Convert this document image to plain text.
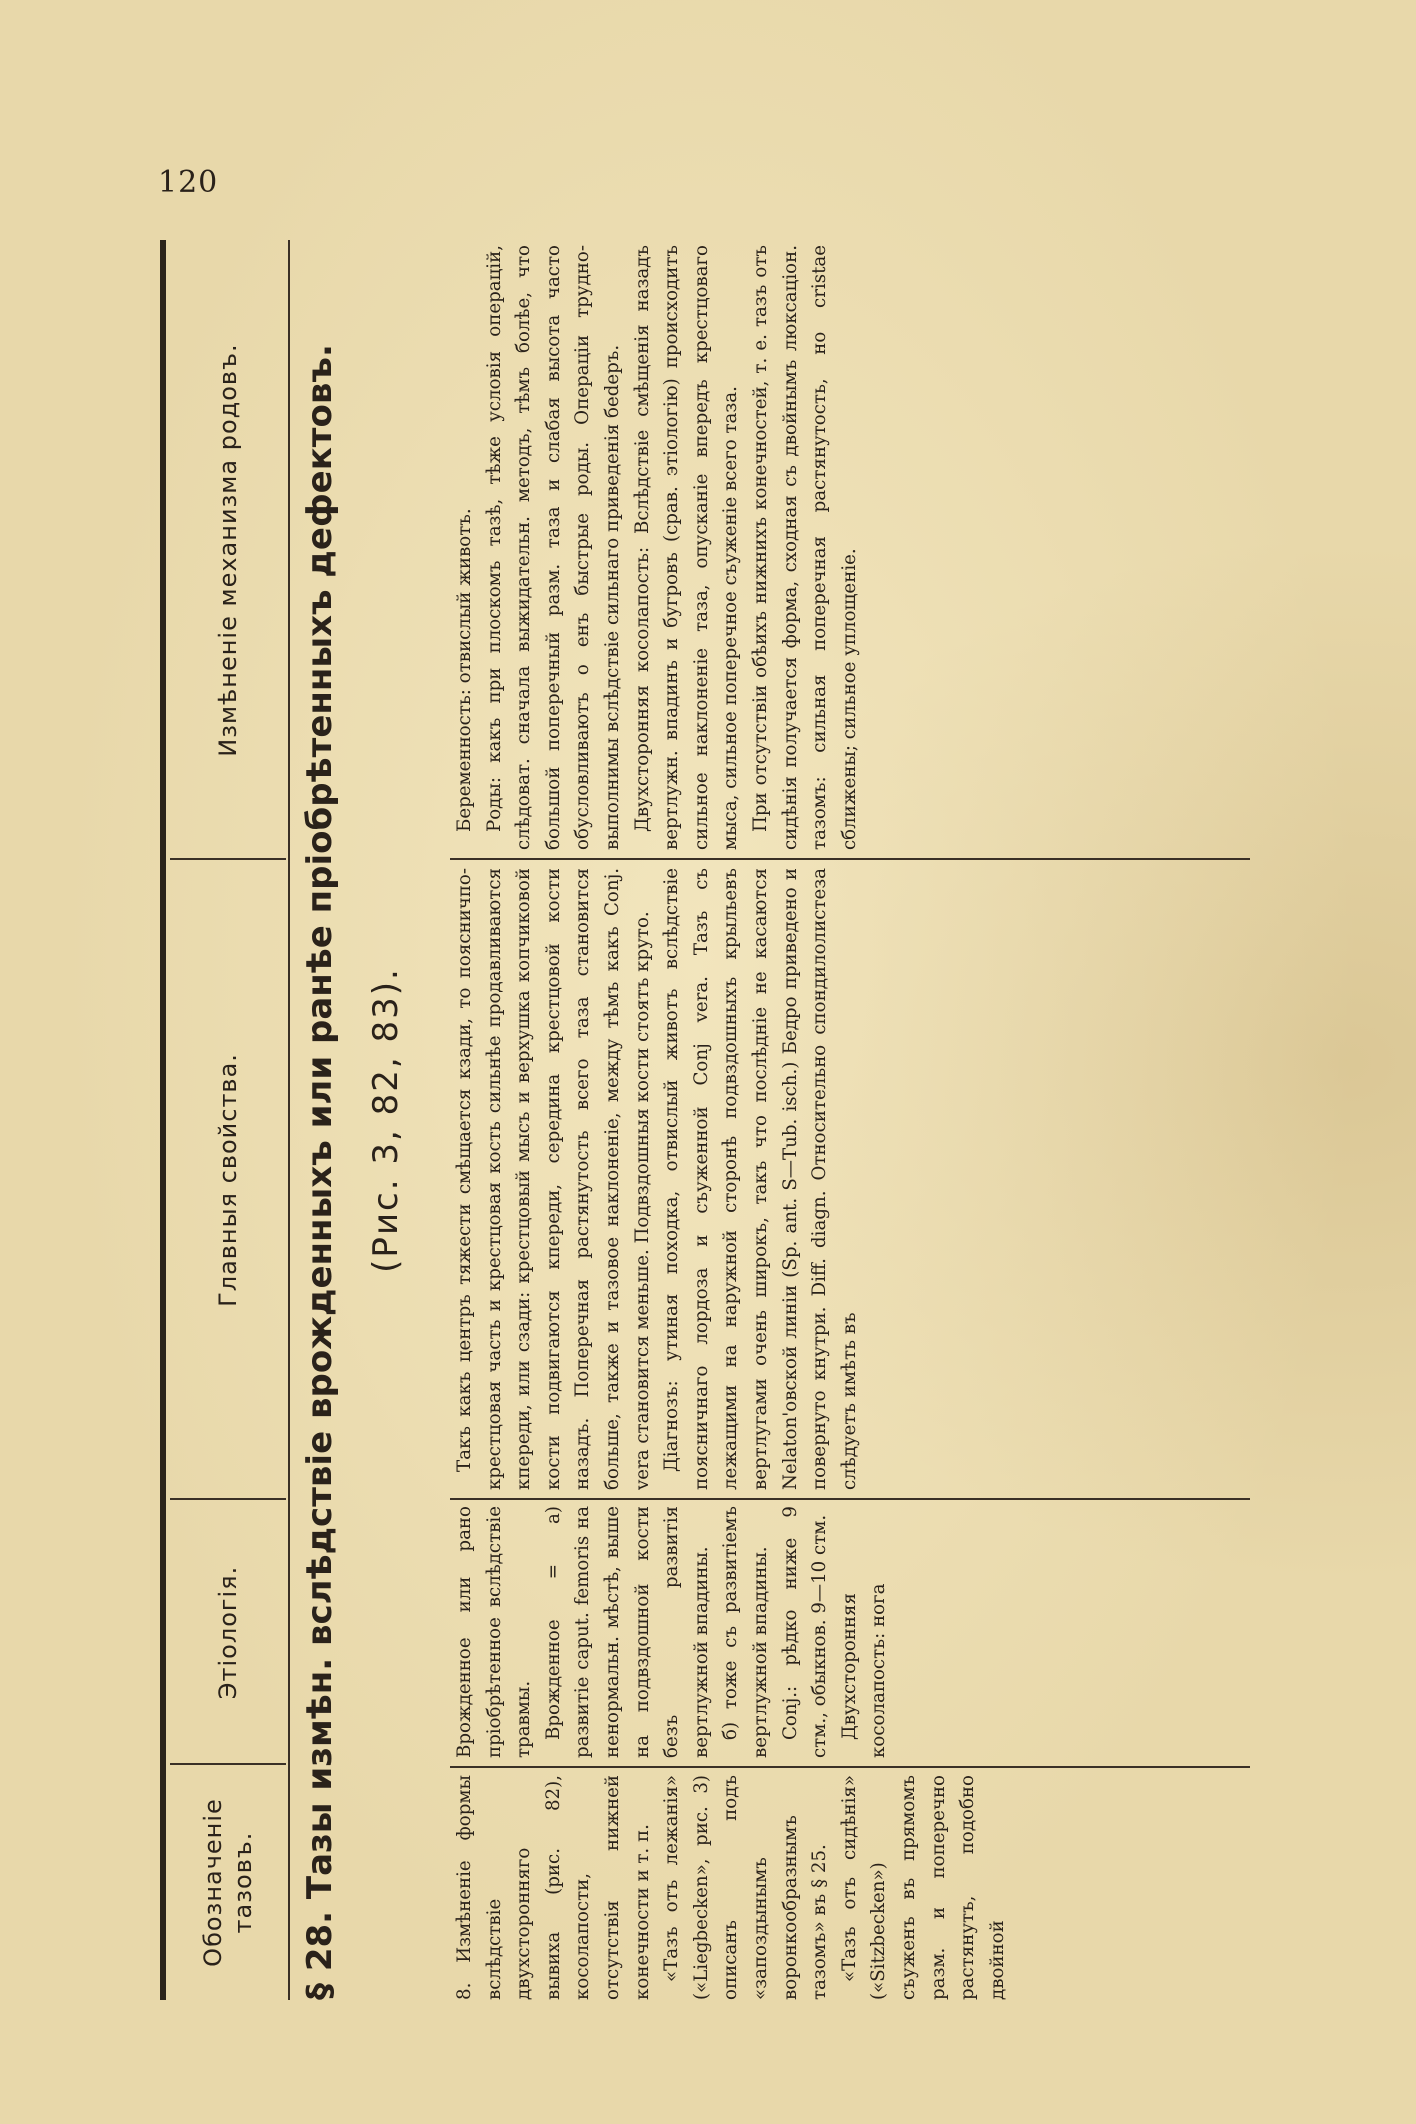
120
Обозначеніе тазовъ.
Этіологія.
Главныя свойства.
Измѣненіе механизма родовъ.	§ 28. Тазы измѣн. вслѣдствіе врожденныхъ или ранѣе пріобрѣтенныхъ дефектовъ. (Рис. 3, 82, 83).

8. Измѣненіе формы вслѣдствіе двухсторонняго вывиха (рис. 82), косолапости, отсутствія нижней конечности и т. п. «Тазъ отъ лежанія» («Liegbecken», рис. 3) описанъ подъ «запоздынымъ воронкообразнымъ тазомъ» въ § 25. «Тазъ отъ сидѣнія» («Sitzbecken») съуженъ въ прямомъ разм. и поперечно растянутъ, подобно двойной

Врожденное или рано пріобрѣтенное вслѣдствіе травмы. Врожденное = a) развитіе caput. femoris на ненормальн. мѣстѣ, выше на подвздошной кости безъ развитія вертлужной впадины. б) тоже съ развитіемъ вертлужной впадины. Conj.: рѣдко ниже 9 стм., обыкнов. 9—10 стм. Двухсторонняя косолапость: нога

Такъ какъ центръ тяжести смѣщается кзади, то поясничпо-крестцовая часть и крестцовая кость сильнѣе продавливаются кпереди, или сзади: крестцовый мысъ и верхушка копчиковой кости подвигаются кпереди, середина крестцовой кости назадъ. Поперечная растянутость всего таза становится больше, также и тазовое наклоненіе, между тѣмъ какъ Conj. vera становится меньше. Подвздошныя кости стоятъ круто. Діагнозъ: утиная походка, отвислый животъ вслѣдствіе поясничнаго лордоза и съуженной Conj vera. Тазъ съ лежащими на наружной сторонѣ подвздошныхъ крыльевъ вертлугами очень широкъ, такъ что послѣдніе не касаются Nelaton'овской линіи (Sp. ant. S—Tub. isch.) Бедро приведено и повернуто кнутри. Diff. diagn. Относительно спондилолистеза слѣдуетъ имѣть въ

Беременность: отвислый животъ. Роды: какъ при плоскомъ тазѣ, тѣже условія операцій, слѣдоват. сначала выжидательн. методъ, тѣмъ болѣе, что большой поперечный разм. таза и слабая высота часто обусловливаютъ о енъ быстрые роды. Операціи трудно-выполнимы вслѣдствіе сильнаго приведенія беdеръ. Двухсторонняя косолапость: Вслѣдствіе смѣщенія назадъ вертлужн. впадинъ и бугровъ (срав. этіологію) происходитъ сильное наклоненіе таза, опусканіе впередъ крестцоваго мыса, сильное поперечное съуженіе всего таза. При отсутствіи обѣихъ нижнихъ конечностей, т. е. тазъ отъ сидѣнія получается форма, сходная съ двойнымъ люксаціон. тазомъ: сильная поперечная растянутость, но cristae сближены; сильное уплощеніе.
